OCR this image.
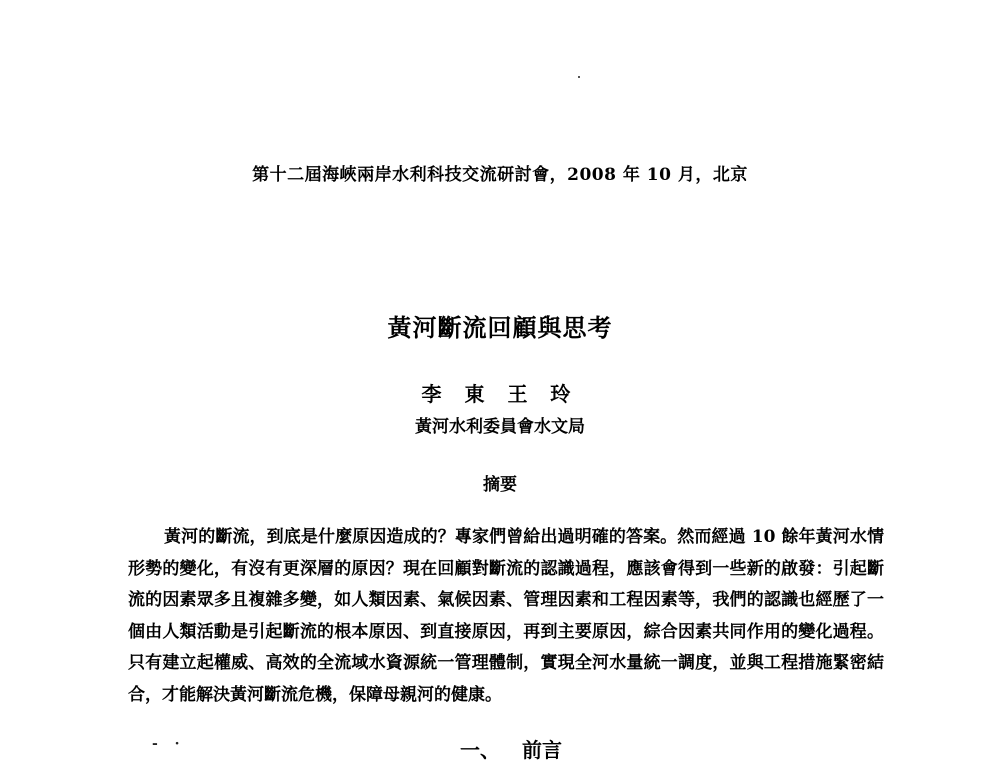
第十二屆海峽兩岸水利科技交流研討會，2008 年 10 月，北京
黃河斷流回顧與思考
李 東 王 玲
黃河水利委員會水文局
摘要
黃河的斷流，到底是什麼原因造成的？專家們曾給出過明確的答案。然而經過 10 餘年黃河水情形勢的變化，有沒有更深層的原因？現在回顧對斷流的認識過程，應該會得到一些新的啟發：引起斷流的因素眾多且複雜多變，如人類因素、氣候因素、管理因素和工程因素等，我們的認識也經歷了一個由人類活動是引起斷流的根本原因、到直接原因，再到主要原因，綜合因素共同作用的變化過程。只有建立起權威、高效的全流域水資源統一管理體制，實現全河水量統一調度，並與工程措施緊密結合，才能解決黃河斷流危機，保障母親河的健康。
- ·	一、 前言
